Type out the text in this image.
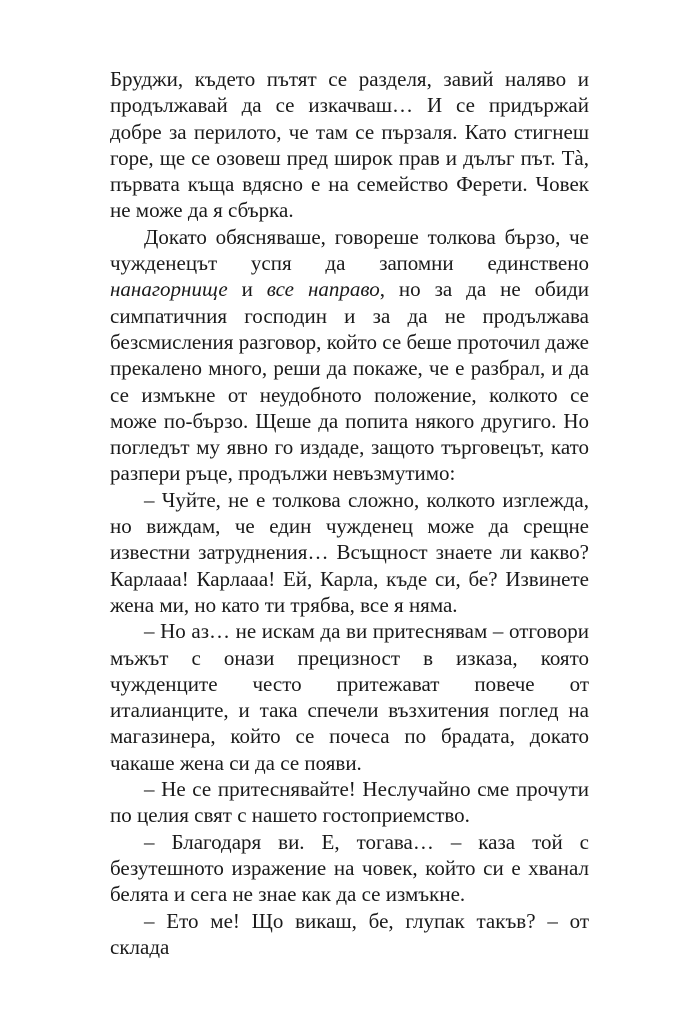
Бруджи, където пътят се разделя, завий наляво и продължавай да се изкачваш… И се придържай добре за перилото, че там се пързаля. Като стигнеш горе, ще се озовеш пред широк прав и дълъг път. Тà, първата къща вдясно е на семейство Ферети. Човек не може да я сбърка.

Докато обясняваше, говореше толкова бързо, че чужденецът успя да запомни единствено нанагорнище и все направо, но за да не обиди симпатичния господин и за да не продължава безсмисления разговор, който се беше проточил даже прекалено много, реши да покаже, че е разбрал, и да се измъкне от неудобното положение, колкото се може по-бързо. Щеше да попита някого другиго. Но погледът му явно го издаде, защото търговецът, като разпери ръце, продължи невъзмутимо:

– Чуйте, не е толкова сложно, колкото изглежда, но виждам, че един чужденец може да срещне известни затруднения… Всъщност знаете ли какво? Карлааа! Карлааа! Ей, Карла, къде си, бе? Извинете жена ми, но като ти трябва, все я няма.

– Но аз… не искам да ви притеснявам – отговори мъжът с онази прецизност в изказа, която чужденците често притежават повече от италианците, и така спечели възхитения поглед на магазинера, който се почеса по брадата, докато чакаше жена си да се появи.

– Не се притеснявайте! Неслучайно сме прочути по целия свят с нашето гостоприемство.

– Благодаря ви. Е, тогава… – каза той с безутешното изражение на човек, който си е хванал белята и сега не знае как да се измъкне.

– Ето ме! Що викаш, бе, глупак такъв? – от склада
